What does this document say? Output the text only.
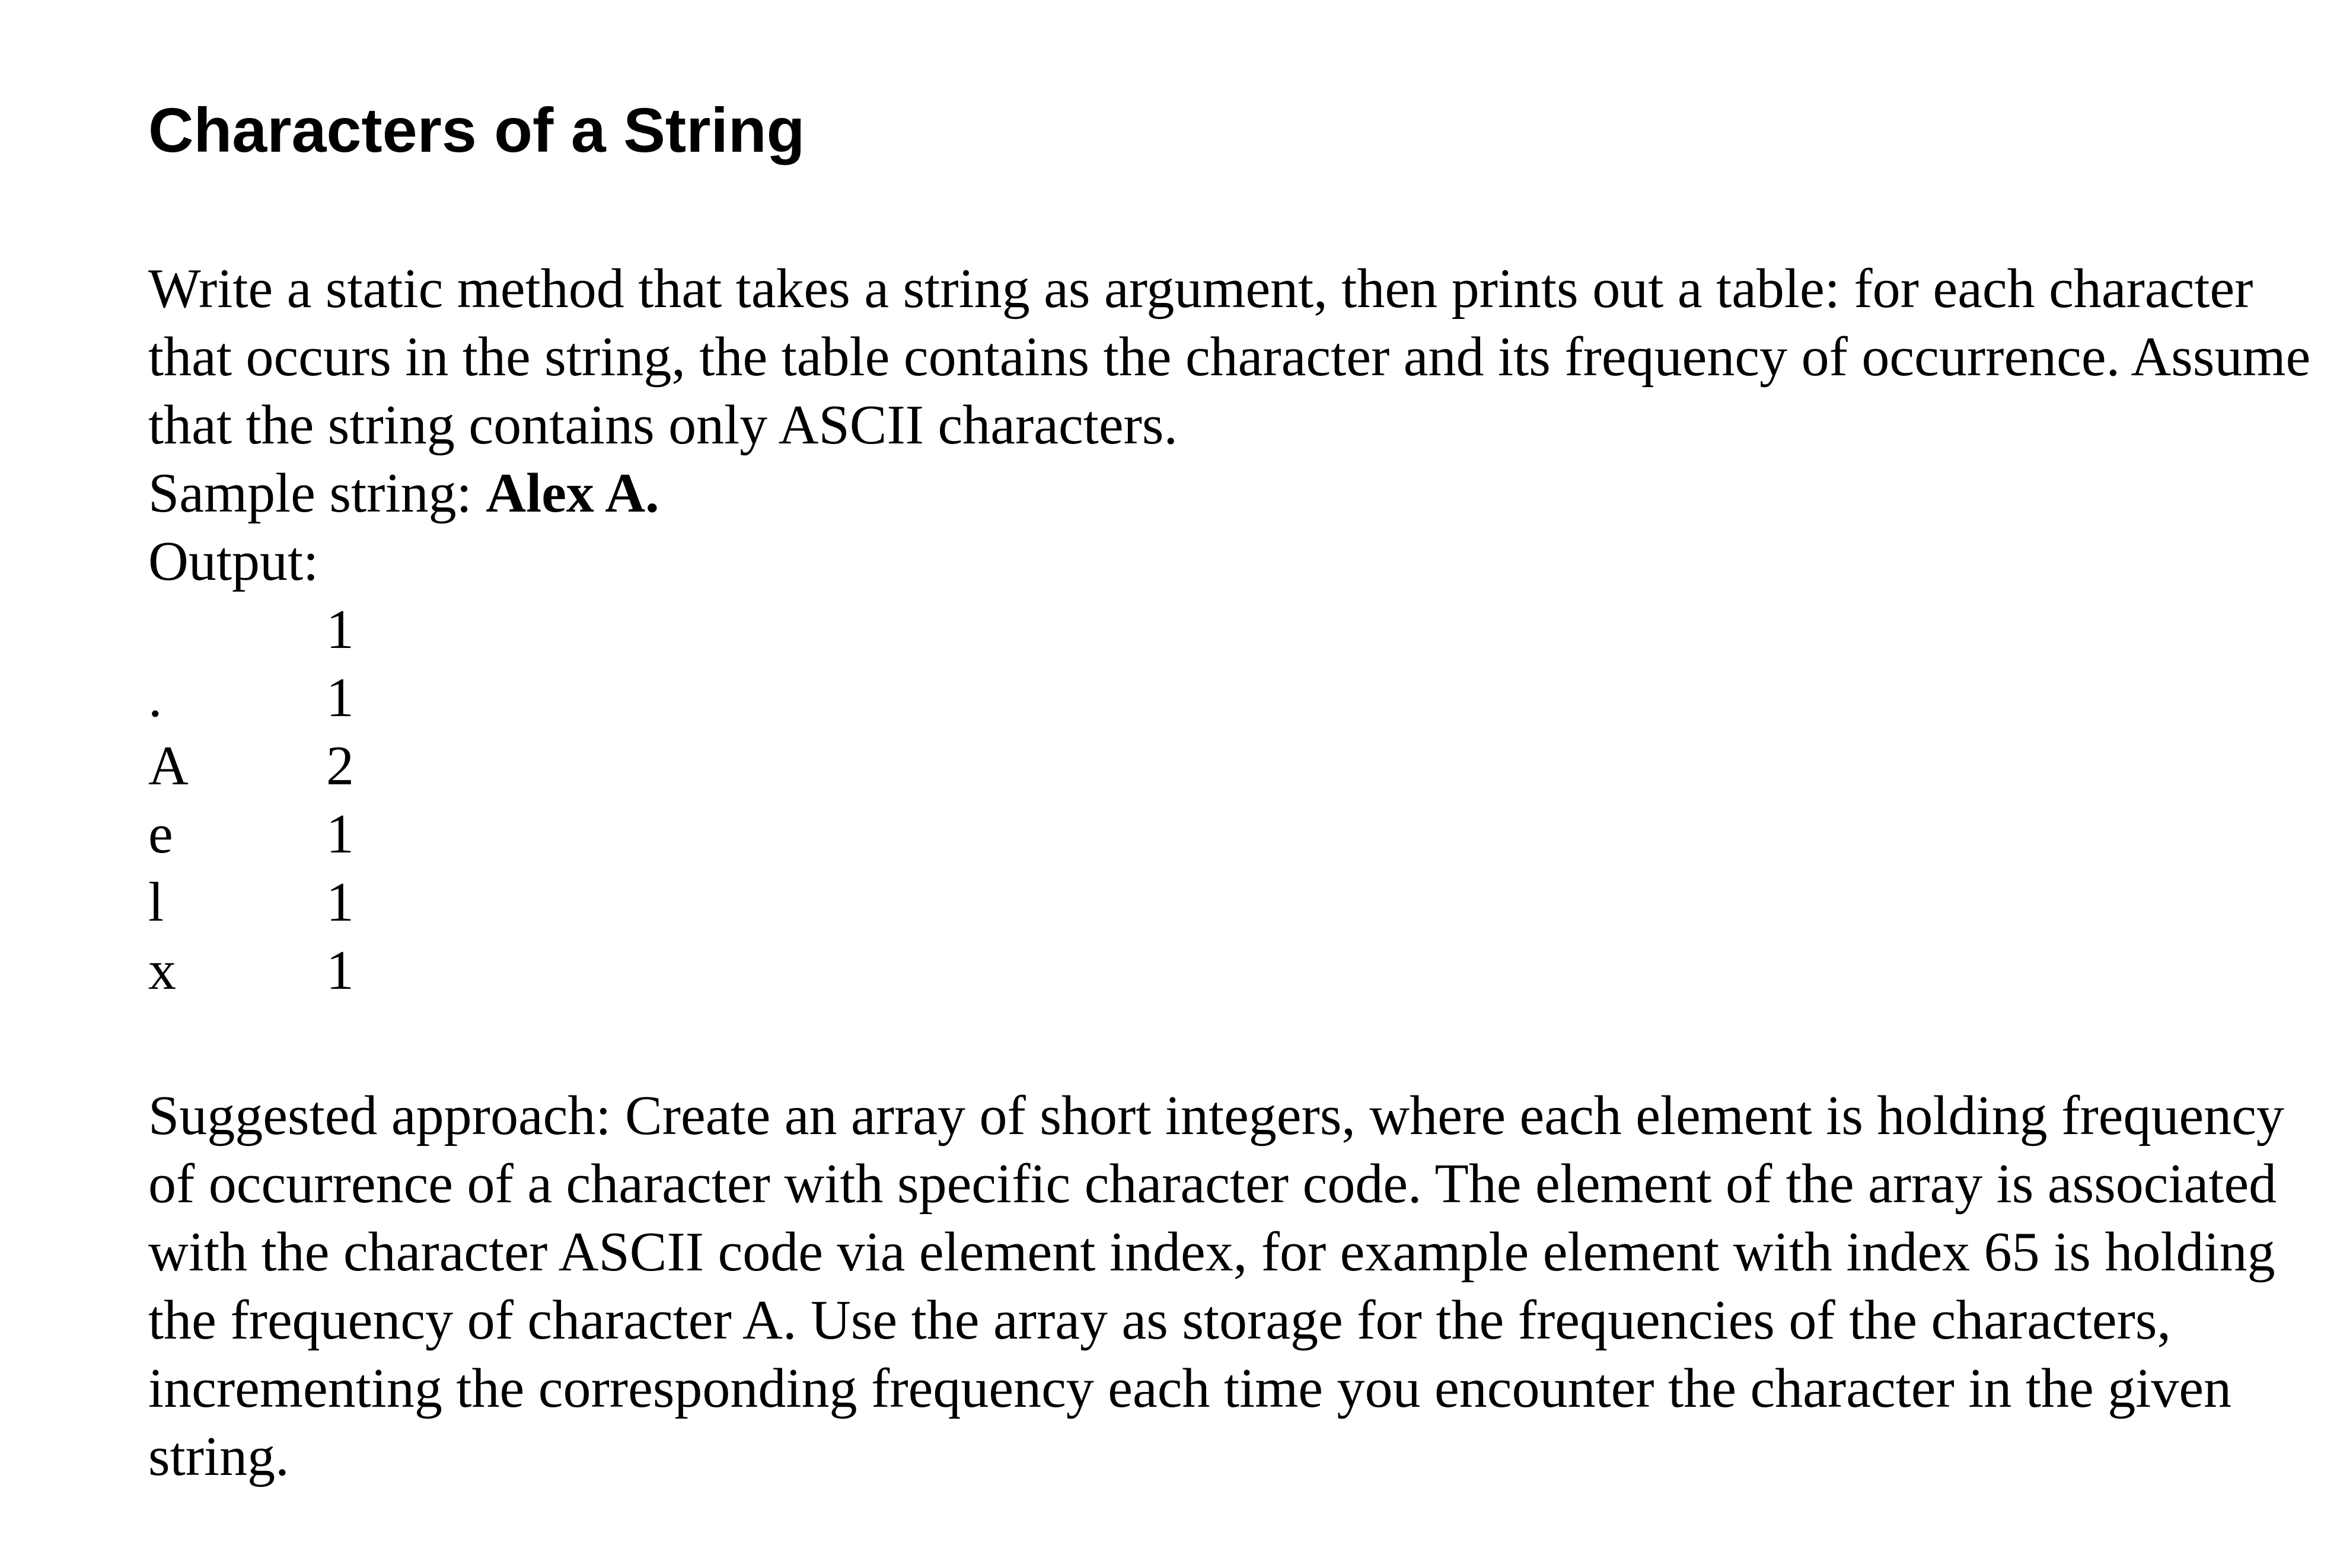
Characters of a String

Write a static method that takes a string as argument, then prints out a table: for each character that occurs in the string, the table contains the character and its frequency of occurrence. Assume that the string contains only ASCII characters.

Sample string: Alex A.

Output:

	1
.	1
A	2
e	1
l	1
x	1

Suggested approach: Create an array of short integers, where each element is holding frequency of occurrence of a character with specific character code. The element of the array is associated with the character ASCII code via element index, for example element with index 65 is holding the frequency of character A. Use the array as storage for the frequencies of the characters, incrementing the corresponding frequency each time you encounter the character in the given string.
